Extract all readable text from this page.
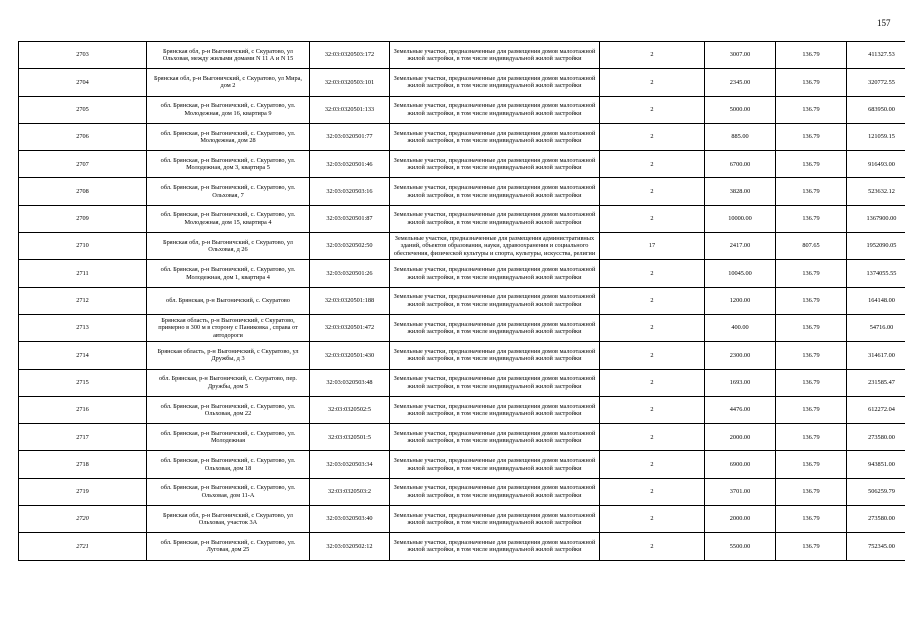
157
2703	Брянская обл, р-н Выгоничский, с Скуратово, ул Ольховая, между жилыми домами N 11 А и N 15	32:03:0320503:172	Земельные участки, предназначенные для размещения домов малоэтажной жилой застройки, в том числе индивидуальной жилой застройки	2	3007.00	136.79	411327.53
2704	Брянская обл, р-н Выгоничский, с Скуратово, ул Мира, дом 2	32:03:0320503:101	Земельные участки, предназначенные для размещения домов малоэтажной жилой застройки, в том числе индивидуальной жилой застройки	2	2345.00	136.79	320772.55
2705	обл. Брянская, р-н Выгоничский, с. Скуратово, ул. Молодежная, дом 16, квартира 9	32:03:0320501:133	Земельные участки, предназначенные для размещения домов малоэтажной жилой застройки, в том числе индивидуальной жилой застройки	2	5000.00	136.79	683950.00
2706	обл. Брянская, р-н Выгоничский, с. Скуратово, ул. Молодежная, дом 28	32:03:0320501:77	Земельные участки, предназначенные для размещения домов малоэтажной жилой застройки, в том числе индивидуальной жилой застройки	2	885.00	136.79	121059.15
2707	обл. Брянская, р-н Выгоничский, с. Скуратово, ул. Молодежная, дом 3, квартира 5	32:03:0320501:46	Земельные участки, предназначенные для размещения домов малоэтажной жилой застройки, в том числе индивидуальной жилой застройки	2	6700.00	136.79	916493.00
2708	обл. Брянская, р-н Выгоничский, с. Скуратово, ул. Ольховая, 7	32:03:0320503:16	Земельные участки, предназначенные для размещения домов малоэтажной жилой застройки, в том числе индивидуальной жилой застройки	2	3828.00	136.79	523632.12
2709	обл. Брянская, р-н Выгоничский, с. Скуратово, ул. Молодежная, дом 15, квартира 4	32:03:0320501:87	Земельные участки, предназначенные для размещения домов малоэтажной жилой застройки, в том числе индивидуальной жилой застройки	2	10000.00	136.79	1367900.00
2710	Брянская обл, р-н Выгоничский, с Скуратово, ул Ольховая, д 26	32:03:0320502:50	Земельные участки, предназначенные для размещения административных зданий, объектов образования, науки, здравоохранения и социального обеспечения, физической культуры и спорта, культуры, искусства, религии	17	2417.00	807.65	1952090.05
2711	обл. Брянская, р-н Выгоничский, с. Скуратово, ул. Молодежная, дом 1, квартира 4	32:03:0320501:26	Земельные участки, предназначенные для размещения домов малоэтажной жилой застройки, в том числе индивидуальной жилой застройки	2	10045.00	136.79	1374055.55
2712	обл. Брянская, р-н Выгоничский, с. Скуратово	32:03:0320501:188	Земельные участки, предназначенные для размещения домов малоэтажной жилой застройки, в том числе индивидуальной жилой застройки	2	1200.00	136.79	164148.00
2713	Брянская область, р-н Выгоничский, с Скуратово, примерно в 300 м в сторону с Паниковка , справа от автодороги	32:03:0320501:472	Земельные участки, предназначенные для размещения домов малоэтажной жилой застройки, в том числе индивидуальной жилой застройки	2	400.00	136.79	54716.00
2714	Брянская область, р-н Выгоничский, с Скуратово, ул Дружбы, д 3	32:03:0320501:430	Земельные участки, предназначенные для размещения домов малоэтажной жилой застройки, в том числе индивидуальной жилой застройки	2	2300.00	136.79	314617.00
2715	обл. Брянская, р-н Выгоничский, с. Скуратово, пер. Дружбы, дом 5	32:03:0320503:48	Земельные участки, предназначенные для размещения домов малоэтажной жилой застройки, в том числе индивидуальной жилой застройки	2	1693.00	136.79	231585.47
2716	обл. Брянская, р-н Выгоничский, с. Скуратово, ул. Ольховая, дом 22	32:03:0320502:5	Земельные участки, предназначенные для размещения домов малоэтажной жилой застройки, в том числе индивидуальной жилой застройки	2	4476.00	136.79	612272.04
2717	обл. Брянская, р-н Выгоничский, с. Скуратово, ул. Молодежная	32:03:0320501:5	Земельные участки, предназначенные для размещения домов малоэтажной жилой застройки, в том числе индивидуальной жилой застройки	2	2000.00	136.79	273580.00
2718	обл. Брянская, р-н Выгоничский, с. Скуратово, ул. Ольховая, дом 18	32:03:0320503:34	Земельные участки, предназначенные для размещения домов малоэтажной жилой застройки, в том числе индивидуальной жилой застройки	2	6900.00	136.79	943851.00
2719	обл. Брянская, р-н Выгоничский, с. Скуратово, ул. Ольховая, дом 11-А	32:03:0320503:2	Земельные участки, предназначенные для размещения домов малоэтажной жилой застройки, в том числе индивидуальной жилой застройки	2	3701.00	136.79	506259.79
2720	Брянская обл, р-н Выгоничский, с Скуратово, ул Ольховая, участок 3А	32:03:0320503:40	Земельные участки, предназначенные для размещения домов малоэтажной жилой застройки, в том числе индивидуальной жилой застройки	2	2000.00	136.79	273580.00
2721	обл. Брянская, р-н Выгоничский, с. Скуратово, ул. Луговая, дом 25	32:03:0320502:12	Земельные участки, предназначенные для размещения домов малоэтажной жилой застройки, в том числе индивидуальной жилой застройки	2	5500.00	136.79	752345.00
